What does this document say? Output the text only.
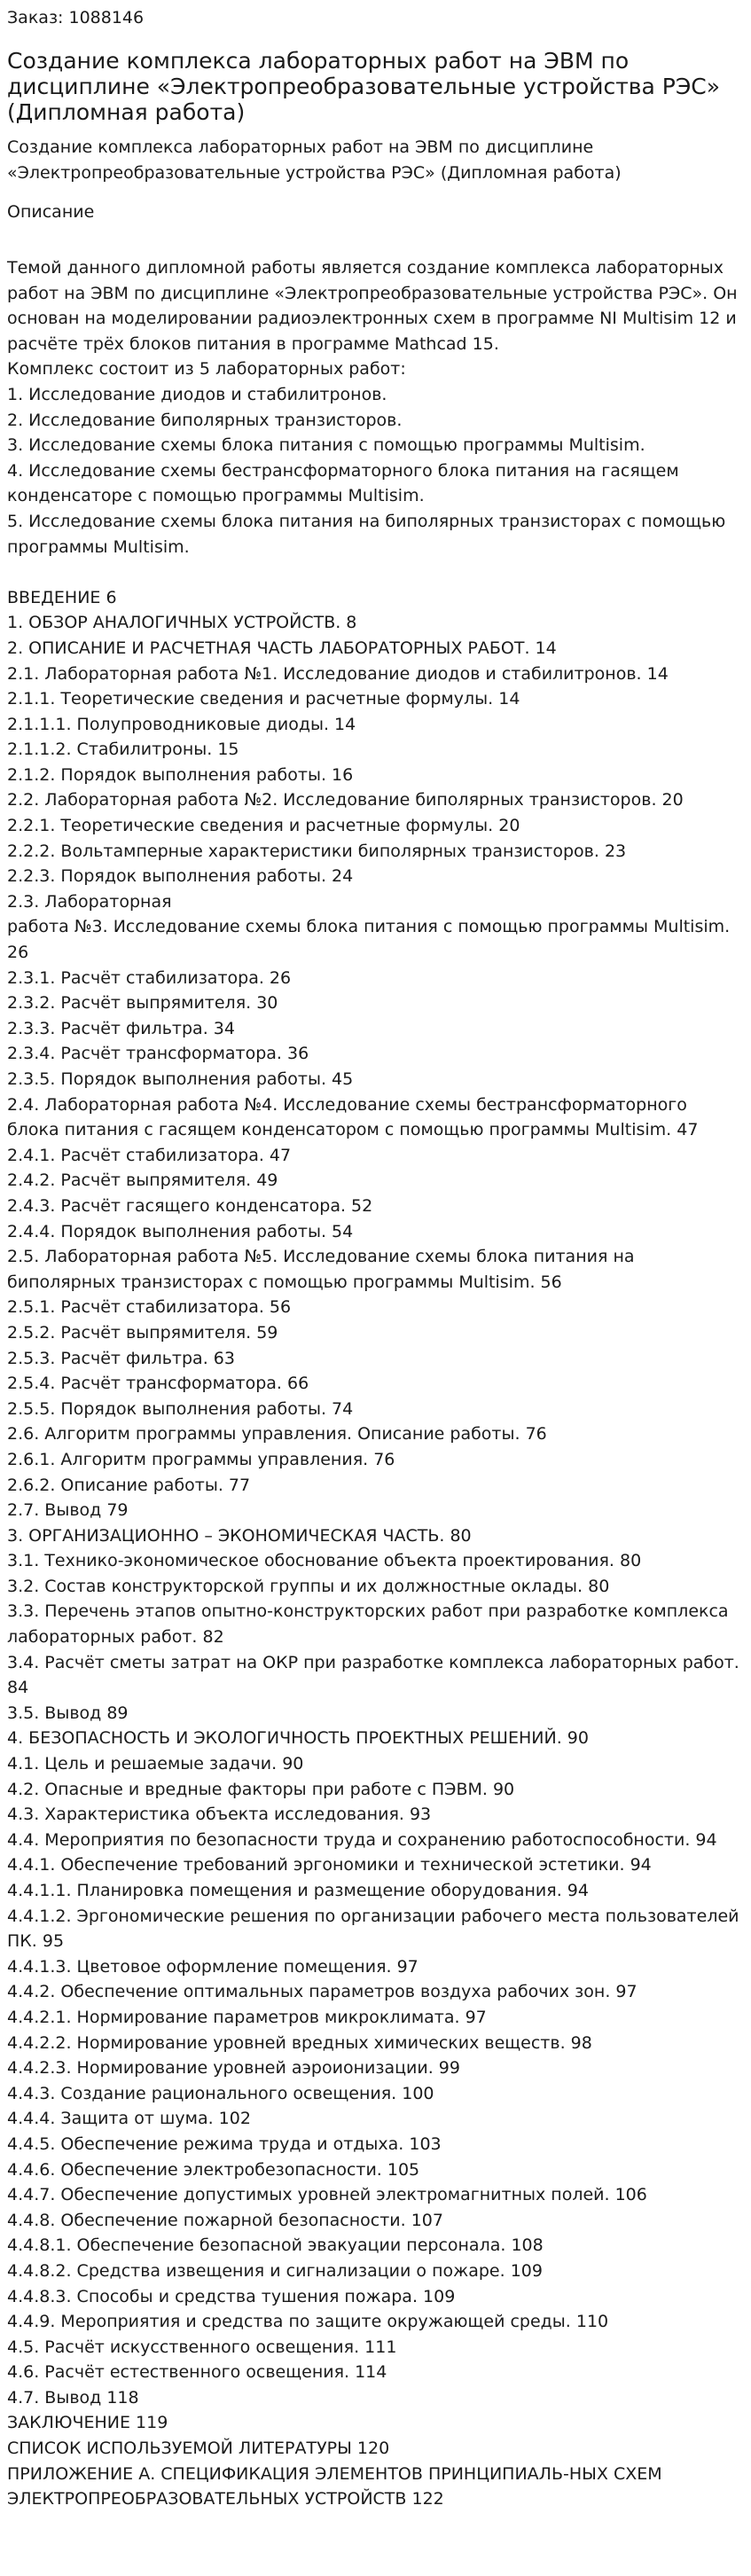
Заказ: 1088146
Создание комплекса лабораторных работ на ЭВМ по дисциплине «Электропреобразовательные устройства РЭС» (Дипломная работа)
Создание комплекса лабораторных работ на ЭВМ по дисциплине «Электропреобразовательные устройства РЭС» (Дипломная работа)
Описание
Темой данного дипломной работы является создание комплекса лабораторных работ на ЭВМ по дисциплине «Электропреобразовательные устройства РЭС». Он основан на моделировании радиоэлектронных схем в программе NI Multisim 12 и расчёте трёх блоков питания в программе Mathcad 15.
Комплекс состоит из 5 лабораторных работ:
1. Исследование диодов и стабилитронов.
2. Исследование биполярных транзисторов.
3. Исследование схемы блока питания с помощью программы Multisim.
4. Исследование схемы бестрансформаторного блока питания на гасящем конденсаторе с помощью программы Multisim.
5. Исследование схемы блока питания на биполярных транзисторах с помощью программы Multisim.
ВВЕДЕНИЕ 6
1. ОБЗОР АНАЛОГИЧНЫХ УСТРОЙСТВ. 8
2. ОПИСАНИЕ И РАСЧЕТНАЯ ЧАСТЬ ЛАБОРАТОРНЫХ РАБОТ. 14
2.1. Лабораторная работа №1. Исследование диодов и стабилитронов. 14
2.1.1. Теоретические сведения и расчетные формулы. 14
2.1.1.1. Полупроводниковые диоды. 14
2.1.1.2. Стабилитроны. 15
2.1.2. Порядок выполнения работы. 16
2.2. Лабораторная работа №2. Исследование биполярных транзисторов. 20
2.2.1. Теоретические сведения и расчетные формулы. 20
2.2.2. Вольтамперные характеристики биполярных транзисторов. 23
2.2.3. Порядок выполнения работы. 24
2.3. Лабораторная
работа №3. Исследование схемы блока питания с помощью программы Multisim. 26
2.3.1. Расчёт стабилизатора. 26
2.3.2. Расчёт выпрямителя. 30
2.3.3. Расчёт фильтра. 34
2.3.4. Расчёт трансформатора. 36
2.3.5. Порядок выполнения работы. 45
2.4. Лабораторная работа №4. Исследование схемы бестрансформаторного блока питания с гасящем конденсатором с помощью программы Multisim. 47
2.4.1. Расчёт стабилизатора. 47
2.4.2. Расчёт выпрямителя. 49
2.4.3. Расчёт гасящего конденсатора. 52
2.4.4. Порядок выполнения работы. 54
2.5. Лабораторная работа №5. Исследование схемы блока питания на биполярных транзисторах с помощью программы Multisim. 56
2.5.1. Расчёт стабилизатора. 56
2.5.2. Расчёт выпрямителя. 59
2.5.3. Расчёт фильтра. 63
2.5.4. Расчёт трансформатора. 66
2.5.5. Порядок выполнения работы. 74
2.6. Алгоритм программы управления. Описание работы. 76
2.6.1. Алгоритм программы управления. 76
2.6.2. Описание работы. 77
2.7. Вывод 79
3. ОРГАНИЗАЦИОННО – ЭКОНОМИЧЕСКАЯ ЧАСТЬ. 80
3.1. Технико-экономическое обоснование объекта проектирования. 80
3.2. Состав конструкторской группы и их должностные оклады. 80
3.3. Перечень этапов опытно-конструкторских работ при разработке комплекса лабораторных работ. 82
3.4. Расчёт сметы затрат на ОКР при разработке комплекса лабораторных работ. 84
3.5. Вывод 89
4. БЕЗОПАСНОСТЬ И ЭКОЛОГИЧНОСТЬ ПРОЕКТНЫХ РЕШЕНИЙ. 90
4.1. Цель и решаемые задачи. 90
4.2. Опасные и вредные факторы при работе с ПЭВМ. 90
4.3. Характеристика объекта исследования. 93
4.4. Мероприятия по безопасности труда и сохранению работоспособности. 94
4.4.1. Обеспечение требований эргономики и технической эстетики. 94
4.4.1.1. Планировка помещения и размещение оборудования. 94
4.4.1.2. Эргономические решения по организации рабочего места пользователей ПК. 95
4.4.1.3. Цветовое оформление помещения. 97
4.4.2. Обеспечение оптимальных параметров воздуха рабочих зон. 97
4.4.2.1. Нормирование параметров микроклимата. 97
4.4.2.2. Нормирование уровней вредных химических веществ. 98
4.4.2.3. Нормирование уровней аэроионизации. 99
4.4.3. Создание рационального освещения. 100
4.4.4. Защита от шума. 102
4.4.5. Обеспечение режима труда и отдыха. 103
4.4.6. Обеспечение электробезопасности. 105
4.4.7. Обеспечение допустимых уровней электромагнитных полей. 106
4.4.8. Обеспечение пожарной безопасности. 107
4.4.8.1. Обеспечение безопасной эвакуации персонала. 108
4.4.8.2. Средства извещения и сигнализации о пожаре. 109
4.4.8.3. Способы и средства тушения пожара. 109
4.4.9. Мероприятия и средства по защите окружающей среды. 110
4.5. Расчёт искусственного освещения. 111
4.6. Расчёт естественного освещения. 114
4.7. Вывод 118
ЗАКЛЮЧЕНИЕ 119
СПИСОК ИСПОЛЬЗУЕМОЙ ЛИТЕРАТУРЫ 120
ПРИЛОЖЕНИЕ А. СПЕЦИФИКАЦИЯ ЭЛЕМЕНТОВ ПРИНЦИПИАЛЬ-НЫХ СХЕМ ЭЛЕКТРОПРЕОБРАЗОВАТЕЛЬНЫХ УСТРОЙСТВ 122
